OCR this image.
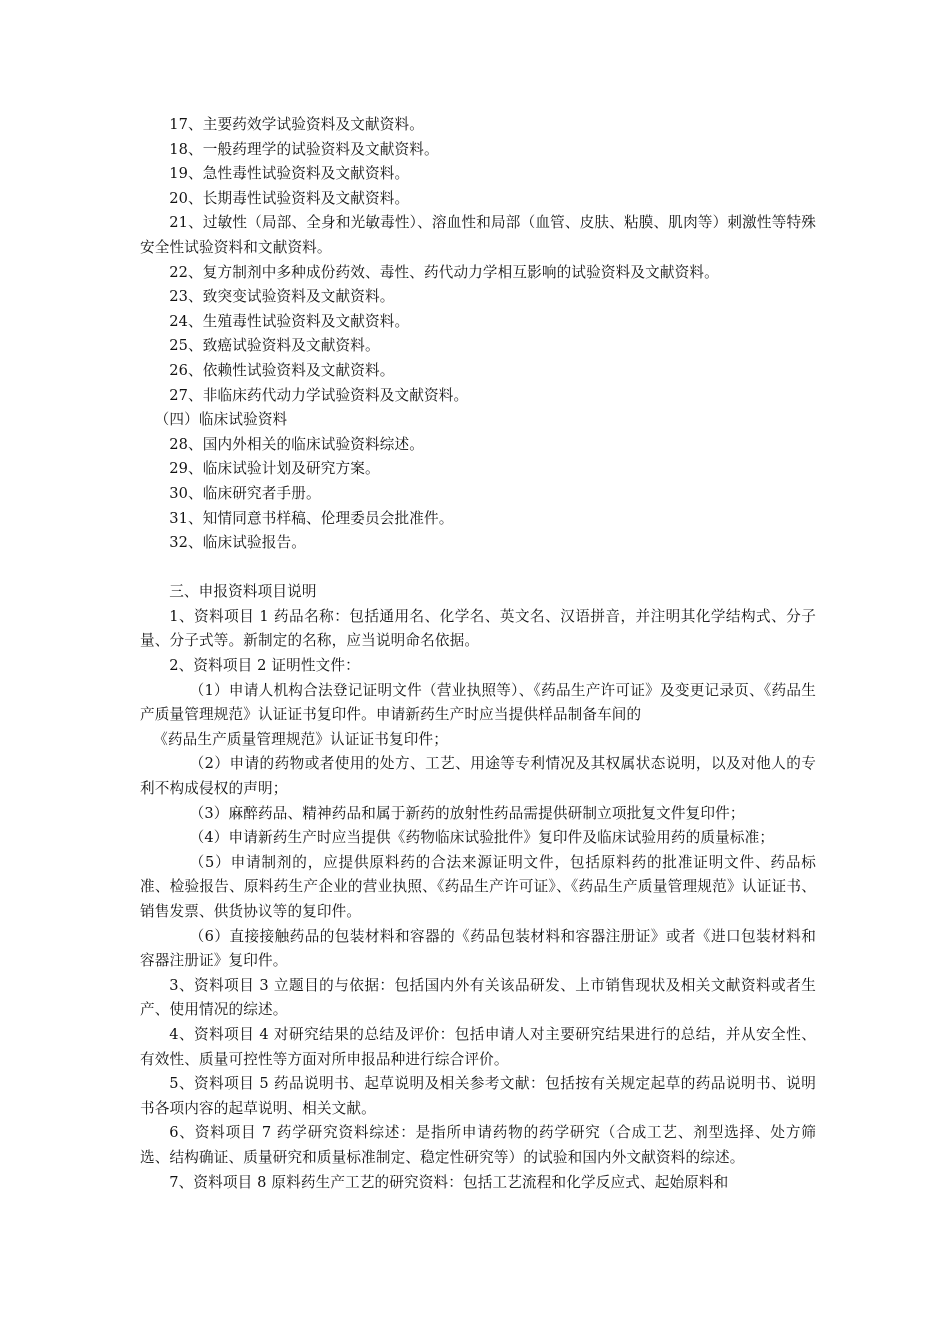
17、主要药效学试验资料及文献资料。

18、一般药理学的试验资料及文献资料。

19、急性毒性试验资料及文献资料。

20、长期毒性试验资料及文献资料。

21、过敏性（局部、全身和光敏毒性）、溶血性和局部（血管、皮肤、粘膜、肌肉等）刺激性等特殊安全性试验资料和文献资料。

22、复方制剂中多种成份药效、毒性、药代动力学相互影响的试验资料及文献资料。

23、致突变试验资料及文献资料。

24、生殖毒性试验资料及文献资料。

25、致癌试验资料及文献资料。

26、依赖性试验资料及文献资料。

27、非临床药代动力学试验资料及文献资料。

（四）临床试验资料

28、国内外相关的临床试验资料综述。

29、临床试验计划及研究方案。

30、临床研究者手册。

31、知情同意书样稿、伦理委员会批准件。

32、临床试验报告。

三、申报资料项目说明

1、资料项目 1 药品名称：包括通用名、化学名、英文名、汉语拼音，并注明其化学结构式、分子量、分子式等。新制定的名称，应当说明命名依据。

2、资料项目 2 证明性文件：

（1）申请人机构合法登记证明文件（营业执照等）、《药品生产许可证》及变更记录页、《药品生产质量管理规范》认证证书复印件。申请新药生产时应当提供样品制备车间的

《药品生产质量管理规范》认证证书复印件；

（2）申请的药物或者使用的处方、工艺、用途等专利情况及其权属状态说明，以及对他人的专利不构成侵权的声明；

（3）麻醉药品、精神药品和属于新药的放射性药品需提供研制立项批复文件复印件；

（4）申请新药生产时应当提供《药物临床试验批件》复印件及临床试验用药的质量标准；

（5）申请制剂的，应提供原料药的合法来源证明文件，包括原料药的批准证明文件、药品标准、检验报告、原料药生产企业的营业执照、《药品生产许可证》、《药品生产质量管理规范》认证证书、销售发票、供货协议等的复印件。

（6）直接接触药品的包装材料和容器的《药品包装材料和容器注册证》或者《进口包装材料和容器注册证》复印件。

3、资料项目 3 立题目的与依据：包括国内外有关该品研发、上市销售现状及相关文献资料或者生产、使用情况的综述。

4、资料项目 4 对研究结果的总结及评价：包括申请人对主要研究结果进行的总结，并从安全性、有效性、质量可控性等方面对所申报品种进行综合评价。

5、资料项目 5 药品说明书、起草说明及相关参考文献：包括按有关规定起草的药品说明书、说明书各项内容的起草说明、相关文献。

6、资料项目 7 药学研究资料综述：是指所申请药物的药学研究（合成工艺、剂型选择、处方筛选、结构确证、质量研究和质量标准制定、稳定性研究等）的试验和国内外文献资料的综述。

7、资料项目 8 原料药生产工艺的研究资料：包括工艺流程和化学反应式、起始原料和
